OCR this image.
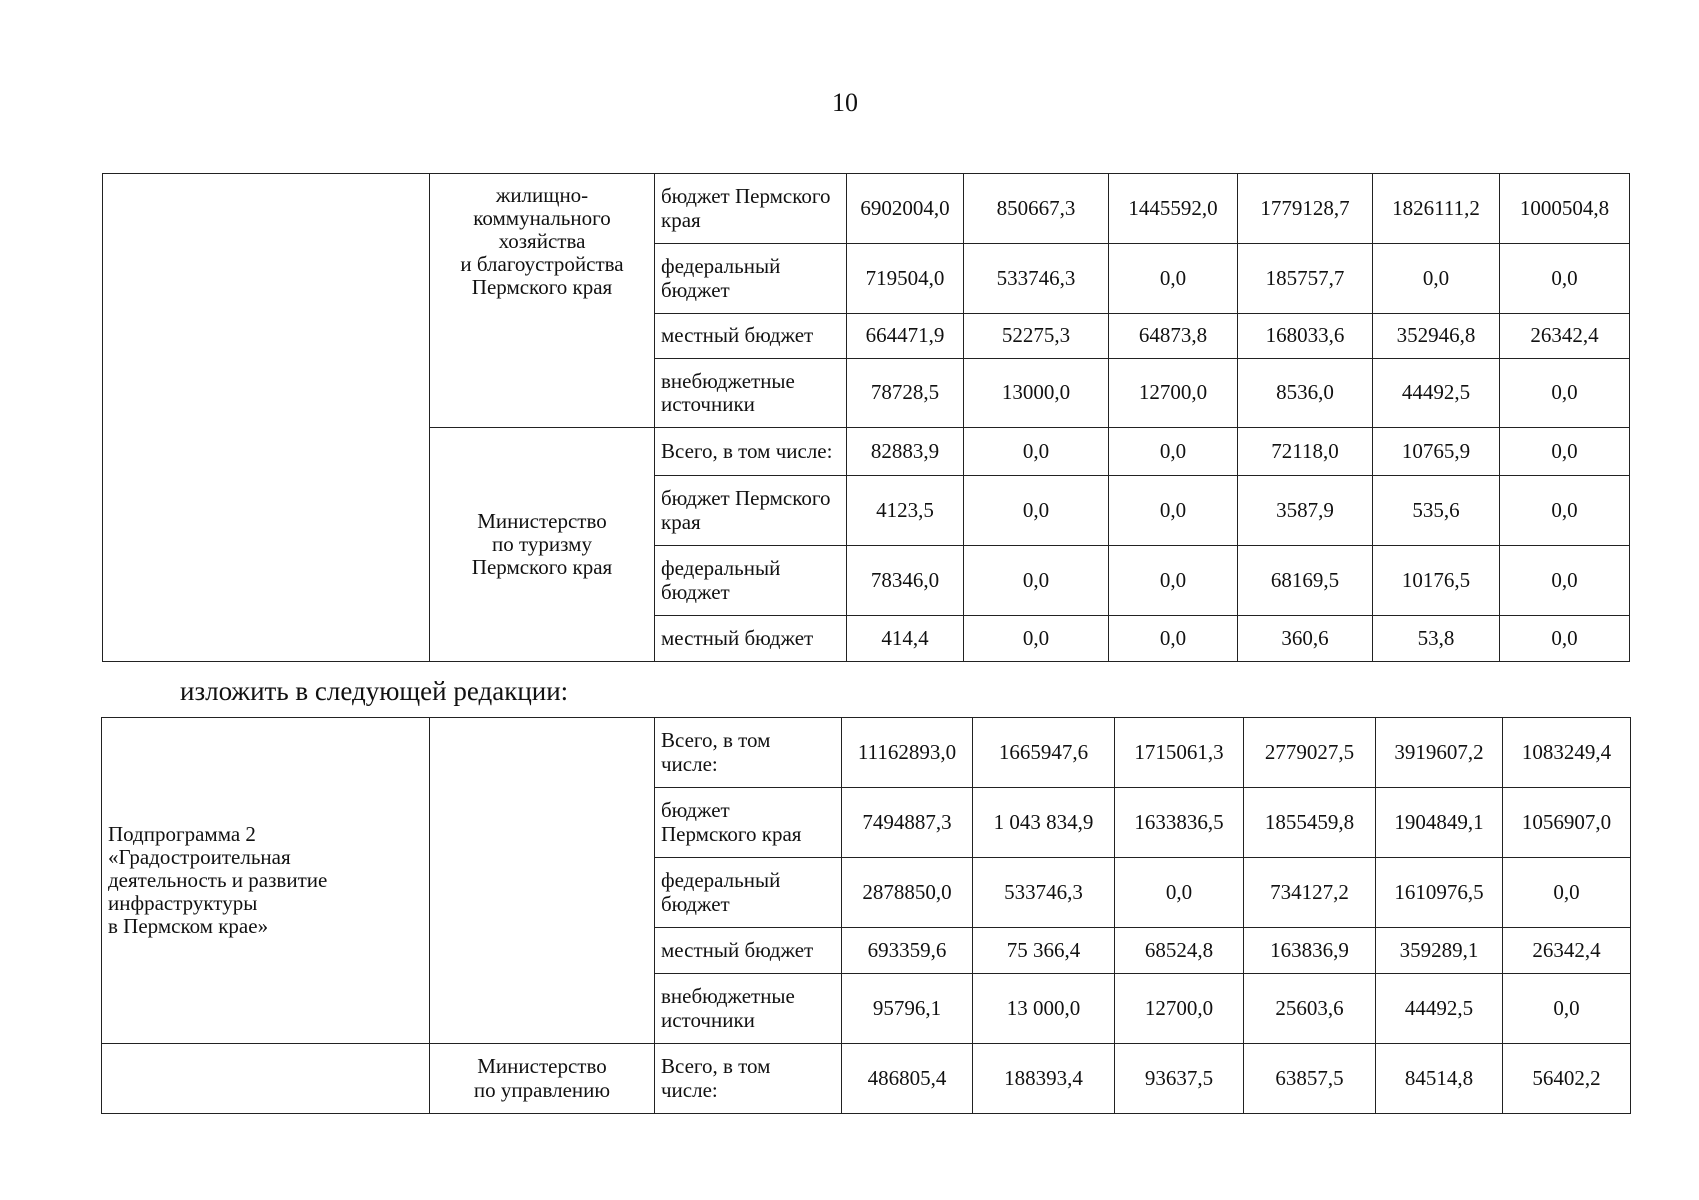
10
	жилищно-
коммунального
хозяйства
и благоустройства
Пермского края	бюджет Пермского
края	6902004,0	850667,3	1445592,0	1779128,7	1826111,2	1000504,8
		федеральный
бюджет	719504,0	533746,3	0,0	185757,7	0,0	0,0
		местный бюджет	664471,9	52275,3	64873,8	168033,6	352946,8	26342,4
		внебюджетные
источники	78728,5	13000,0	12700,0	8536,0	44492,5	0,0
	Министерство
по туризму
Пермского края	Всего, в том числе:	82883,9	0,0	0,0	72118,0	10765,9	0,0
		бюджет Пермского
края	4123,5	0,0	0,0	3587,9	535,6	0,0
		федеральный
бюджет	78346,0	0,0	0,0	68169,5	10176,5	0,0
		местный бюджет	414,4	0,0	0,0	360,6	53,8	0,0
изложить в следующей редакции:
Подпрограмма 2
«Градостроительная
деятельность и развитие
инфраструктуры
в Пермском крае»		Всего, в том
числе:	11162893,0	1665947,6	1715061,3	2779027,5	3919607,2	1083249,4
		бюджет
Пермского края	7494887,3	1 043 834,9	1633836,5	1855459,8	1904849,1	1056907,0
		федеральный
бюджет	2878850,0	533746,3	0,0	734127,2	1610976,5	0,0
		местный бюджет	693359,6	75 366,4	68524,8	163836,9	359289,1	26342,4
		внебюджетные
источники	95796,1	13 000,0	12700,0	25603,6	44492,5	0,0
	Министерство
по управлению	Всего, в том
числе:	486805,4	188393,4	93637,5	63857,5	84514,8	56402,2
